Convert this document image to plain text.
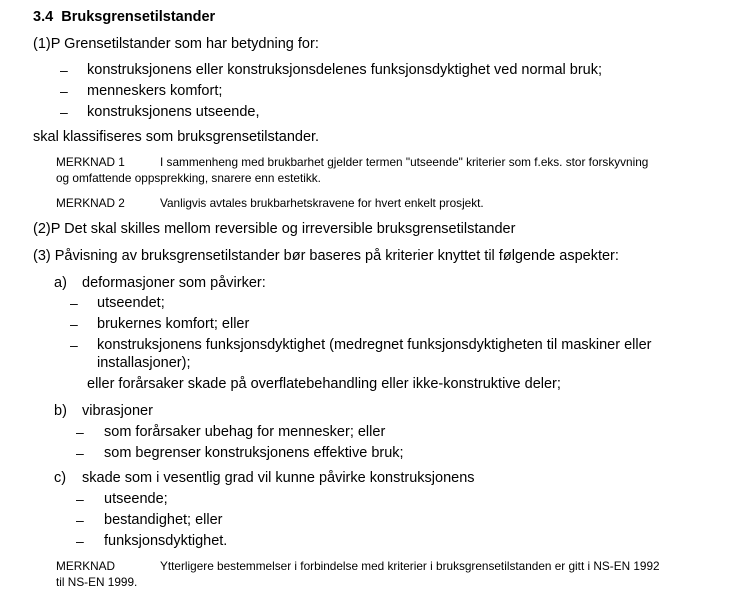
3.4 Bruksgrensetilstander
(1)P Grensetilstander som har betydning for:
– konstruksjonens eller konstruksjonsdelenes funksjonsdyktighet ved normal bruk;
– menneskers komfort;
– konstruksjonens utseende,
skal klassifiseres som bruksgrensetilstander.
MERKNAD 1	I sammenheng med brukbarhet gjelder termen "utseende" kriterier som f.eks. stor forskyvning
og omfattende oppsprekking, snarere enn estetikk.
MERKNAD 2	Vanligvis avtales brukbarhetskravene for hvert enkelt prosjekt.
(2)P Det skal skilles mellom reversible og irreversible bruksgrensetilstander
(3) Påvisning av bruksgrensetilstander bør baseres på kriterier knyttet til følgende aspekter:
a) deformasjoner som påvirker:
– utseendet;
– brukernes komfort; eller
– konstruksjonens funksjonsdyktighet (medregnet funksjonsdyktigheten til maskiner eller
installasjoner);
eller forårsaker skade på overflatebehandling eller ikke-konstruktive deler;
b) vibrasjoner
– som forårsaker ubehag for mennesker; eller
– som begrenser konstruksjonens effektive bruk;
c) skade som i vesentlig grad vil kunne påvirke konstruksjonens
– utseende;
– bestandighet; eller
– funksjonsdyktighet.
MERKNAD	Ytterligere bestemmelser i forbindelse med kriterier i bruksgrensetilstanden er gitt i NS-EN 1992
til NS-EN 1999.
